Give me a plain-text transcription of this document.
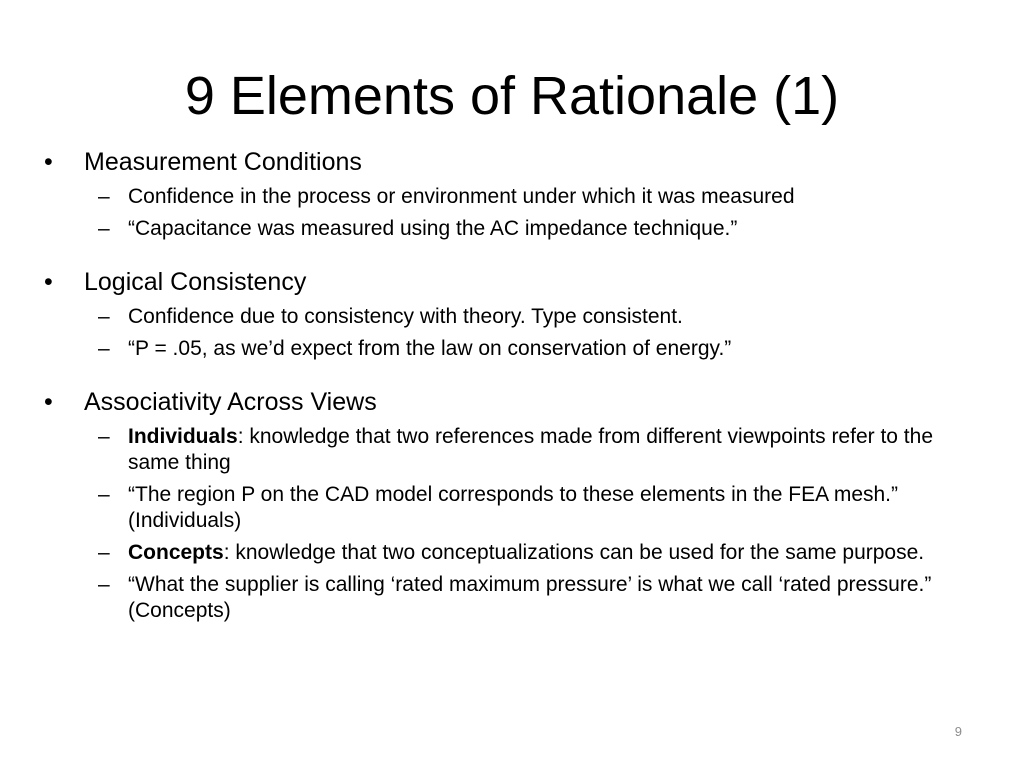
9 Elements of Rationale (1)
•	Measurement Conditions
– Confidence in the process or environment under which it was measured
– “Capacitance was measured using the AC impedance technique.”
•	Logical Consistency
– Confidence due to consistency with theory. Type consistent.
– “P = .05, as we’d expect from the law on conservation of energy.”
•	Associativity Across Views
– Individuals: knowledge that two references made from different viewpoints refer to the same thing
– “The region P on the CAD model corresponds to these elements in the FEA mesh.” (Individuals)
– Concepts: knowledge that two conceptualizations can be used for the same purpose.
– “What the supplier is calling ‘rated maximum pressure’ is what we call ‘rated pressure.” (Concepts)
9
